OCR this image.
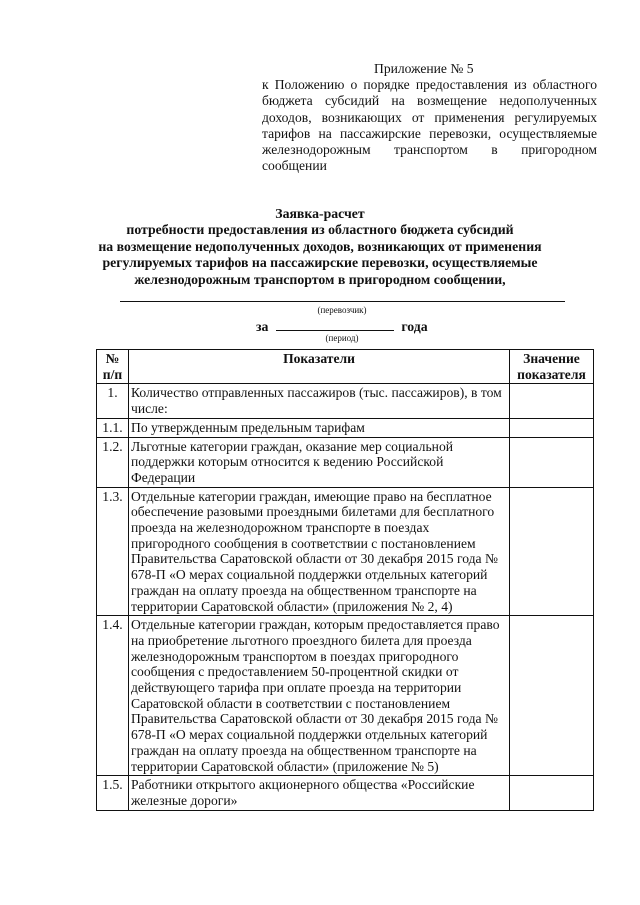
Приложение № 5
к Положению о порядке предоставления из областного бюджета субсидий на возмещение недополученных доходов, возникающих от применения регулируемых тарифов на пассажирские перевозки, осуществляемые железнодорожным транспортом в пригородном сообщении
Заявка-расчет
потребности предоставления из областного бюджета субсидий
на возмещение недополученных доходов, возникающих от применения
регулируемых тарифов на пассажирские перевозки, осуществляемые
железнодорожным транспортом в пригородном сообщении,
(перевозчик)
за	года
(период)
№ п/п	Показатели	Значение показателя
1.	Количество отправленных пассажиров (тыс. пассажиров), в том числе:	
1.1.	По утвержденным предельным тарифам	
1.2.	Льготные категории граждан, оказание мер социальной поддержки которым относится к ведению Российской Федерации	
1.3.	Отдельные категории граждан, имеющие право на бесплатное обеспечение разовыми проездными билетами для бесплатного проезда на железнодорожном транспорте в поездах пригородного сообщения в соответствии с постановлением Правительства Саратовской области от 30 декабря 2015 года № 678-П «О мерах социальной поддержки отдельных категорий граждан на оплату проезда на общественном транспорте на территории Саратовской области» (приложения № 2, 4)	
1.4.	Отдельные категории граждан, которым предоставляется право на приобретение льготного проездного билета для проезда железнодорожным транспортом в поездах пригородного сообщения с предоставлением 50-процентной скидки от действующего тарифа при оплате проезда на территории Саратовской области в соответствии с постановлением Правительства Саратовской области от 30 декабря 2015 года № 678-П «О мерах социальной поддержки отдельных категорий граждан на оплату проезда на общественном транспорте на территории Саратовской области» (приложение № 5)	
1.5.	Работники открытого акционерного общества «Российские железные дороги»	
